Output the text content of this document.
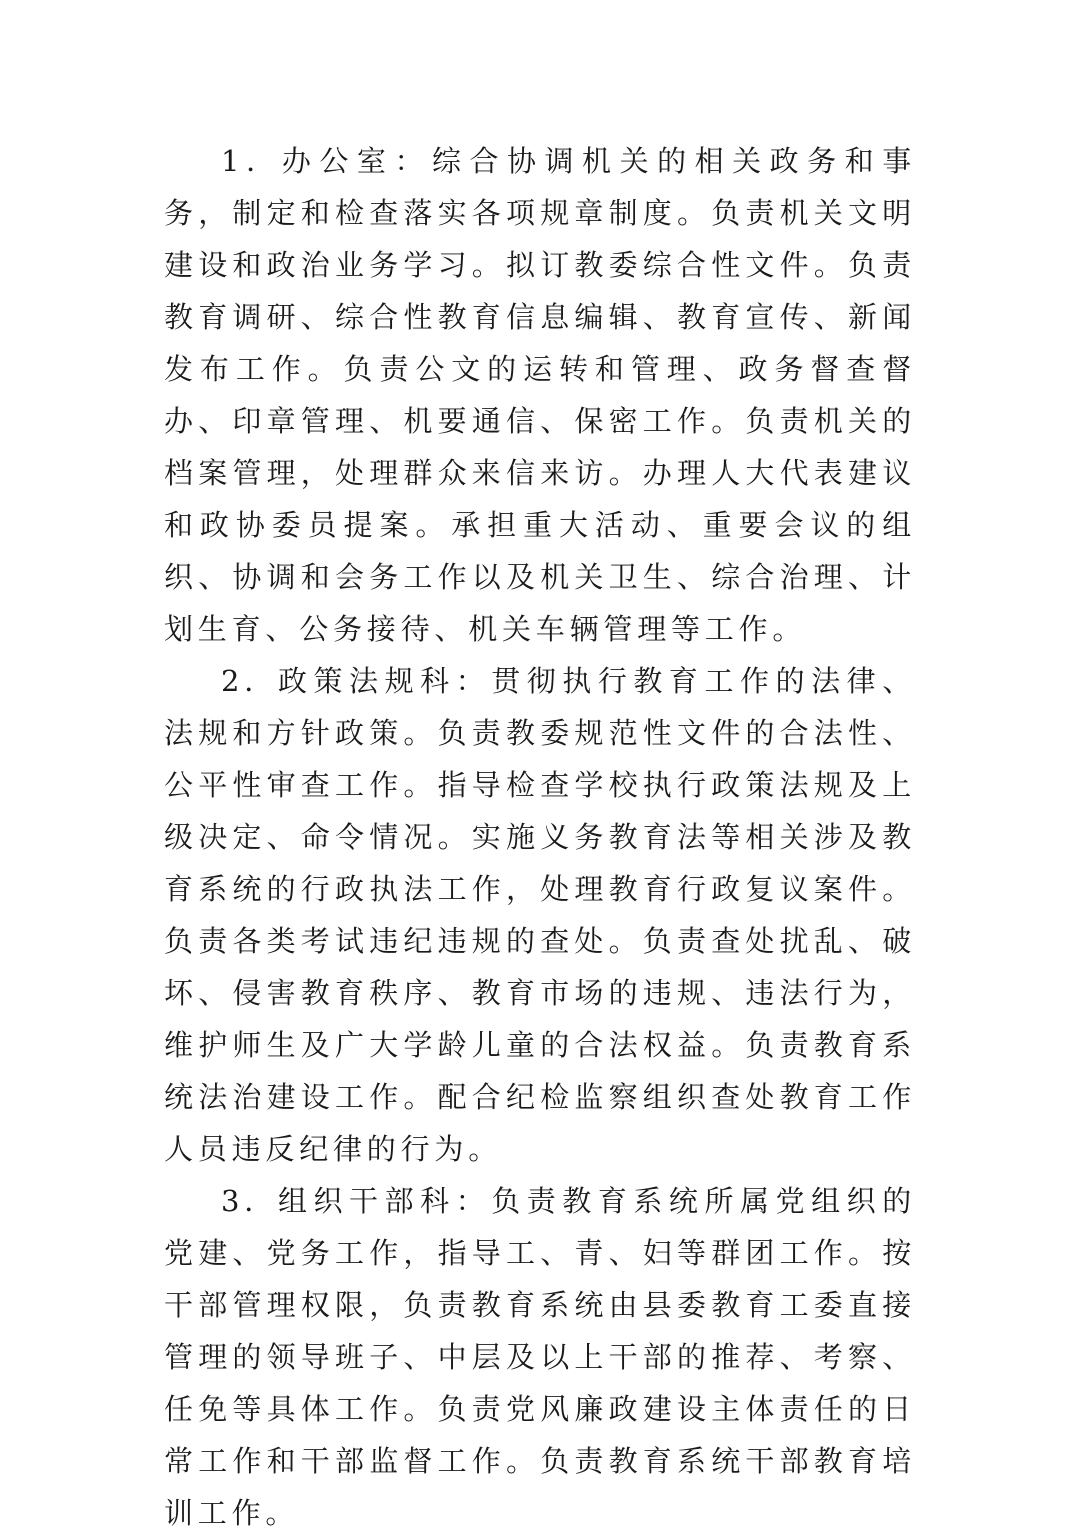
1．办公室：综合协调机关的相关政务和事务，制定和检查落实各项规章制度。负责机关文明建设和政治业务学习。拟订教委综合性文件。负责教育调研、综合性教育信息编辑、教育宣传、新闻发布工作。负责公文的运转和管理、政务督查督办、印章管理、机要通信、保密工作。负责机关的档案管理，处理群众来信来访。办理人大代表建议和政协委员提案。承担重大活动、重要会议的组织、协调和会务工作以及机关卫生、综合治理、计划生育、公务接待、机关车辆管理等工作。

2．政策法规科：贯彻执行教育工作的法律、法规和方针政策。负责教委规范性文件的合法性、公平性审查工作。指导检查学校执行政策法规及上级决定、命令情况。实施义务教育法等相关涉及教育系统的行政执法工作，处理教育行政复议案件。负责各类考试违纪违规的查处。负责查处扰乱、破坏、侵害教育秩序、教育市场的违规、违法行为，维护师生及广大学龄儿童的合法权益。负责教育系统法治建设工作。配合纪检监察组织查处教育工作人员违反纪律的行为。

3．组织干部科：负责教育系统所属党组织的党建、党务工作，指导工、青、妇等群团工作。按干部管理权限，负责教育系统由县委教育工委直接管理的领导班子、中层及以上干部的推荐、考察、任免等具体工作。负责党风廉政建设主体责任的日常工作和干部监督工作。负责教育系统干部教育培训工作。
